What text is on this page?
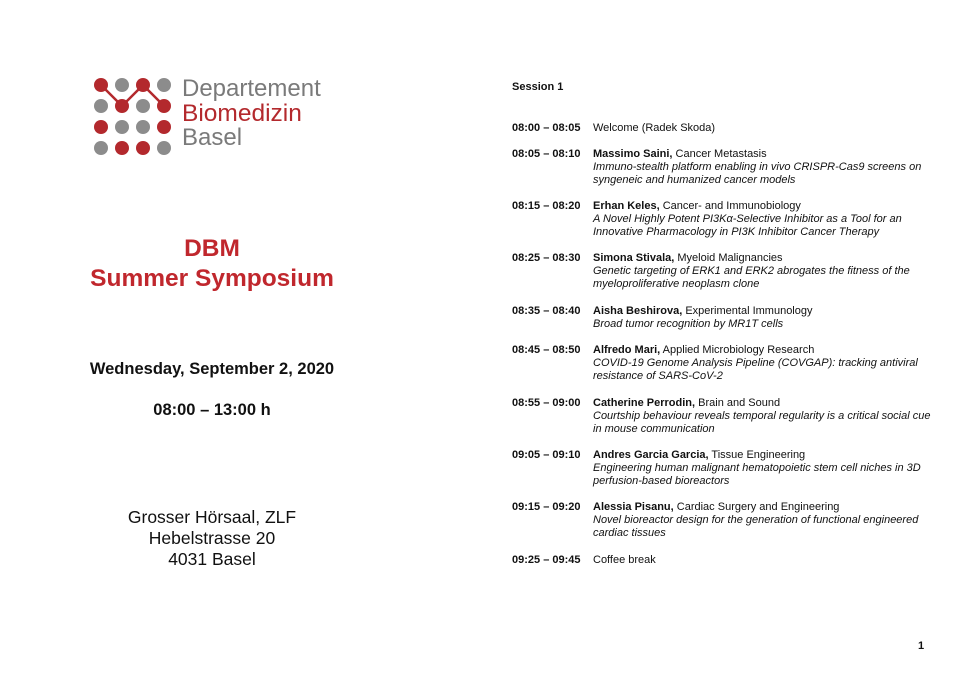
Departement
Biomedizin
Basel
DBM
Summer Symposium
Wednesday, September 2, 2020
08:00 – 13:00 h
Grosser Hörsaal, ZLF
Hebelstrasse 20
4031 Basel
Session 1
08:00 – 08:05 Welcome (Radek Skoda)
08:05 – 08:10 Massimo Saini, Cancer Metastasis
Immuno-stealth platform enabling in vivo CRISPR-Cas9 screens on syngeneic and humanized cancer models
08:15 – 08:20 Erhan Keles, Cancer- and Immunobiology
A Novel Highly Potent PI3Kα-Selective Inhibitor as a Tool for an Innovative Pharmacology in PI3K Inhibitor Cancer Therapy
08:25 – 08:30 Simona Stivala, Myeloid Malignancies
Genetic targeting of ERK1 and ERK2 abrogates the fitness of the myeloproliferative neoplasm clone
08:35 – 08:40 Aisha Beshirova, Experimental Immunology
Broad tumor recognition by MR1T cells
08:45 – 08:50 Alfredo Mari, Applied Microbiology Research
COVID-19 Genome Analysis Pipeline (COVGAP): tracking antiviral resistance of SARS-CoV-2
08:55 – 09:00 Catherine Perrodin, Brain and Sound
Courtship behaviour reveals temporal regularity is a critical social cue in mouse communication
09:05 – 09:10 Andres Garcia Garcia, Tissue Engineering
Engineering human malignant hematopoietic stem cell niches in 3D perfusion-based bioreactors
09:15 – 09:20 Alessia Pisanu, Cardiac Surgery and Engineering
Novel bioreactor design for the generation of functional engineered cardiac tissues
09:25 – 09:45 Coffee break
1
